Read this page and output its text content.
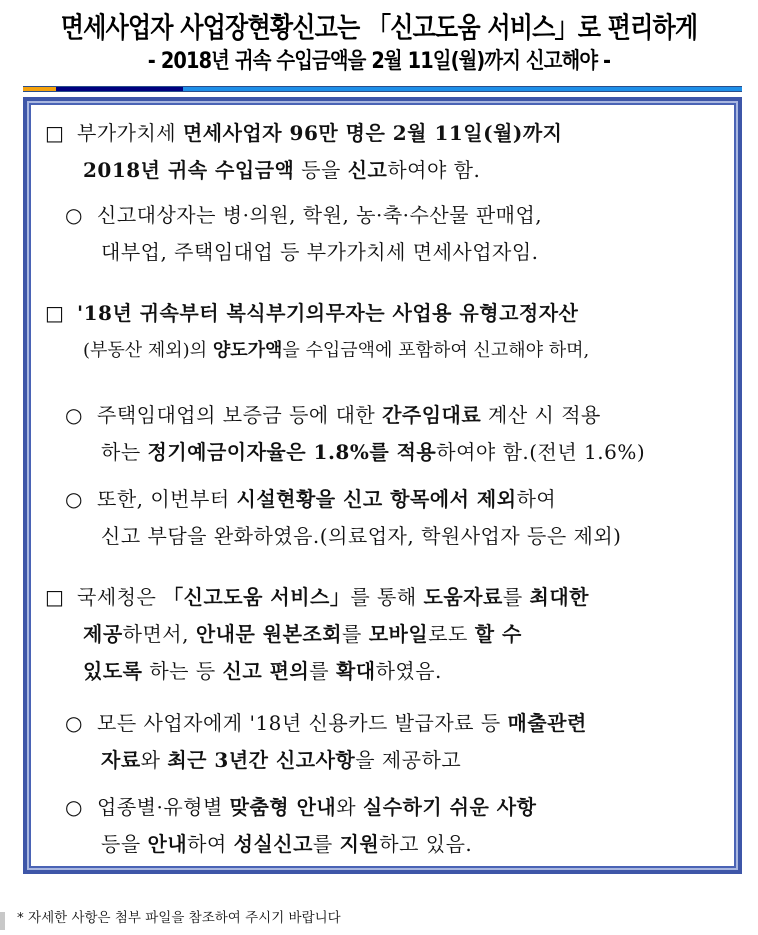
면세사업자 사업장현황신고는 「신고도움 서비스」로 편리하게
- 2018년 귀속 수입금액을 2월 11일(월)까지 신고해야 -
□ 부가가치세 면세사업자 96만 명은 2월 11일(월)까지
2018년 귀속 수입금액 등을 신고하여야 함.
○ 신고대상자는 병·의원, 학원, 농·축·수산물 판매업,
대부업, 주택임대업 등 부가가치세 면세사업자임.
□ '18년 귀속부터 복식부기의무자는 사업용 유형고정자산
(부동산 제외)의 양도가액을 수입금액에 포함하여 신고해야 하며,
○ 주택임대업의 보증금 등에 대한 간주임대료 계산 시 적용
하는 정기예금이자율은 1.8%를 적용하여야 함.(전년 1.6%)
○ 또한, 이번부터 시설현황을 신고 항목에서 제외하여
신고 부담을 완화하였음.(의료업자, 학원사업자 등은 제외)
□ 국세청은 「신고도움 서비스」를 통해 도움자료를 최대한
제공하면서, 안내문 원본조회를 모바일로도 할 수
있도록 하는 등 신고 편의를 확대하였음.
○ 모든 사업자에게 '18년 신용카드 발급자료 등 매출관련
자료와 최근 3년간 신고사항을 제공하고
○ 업종별·유형별 맞춤형 안내와 실수하기 쉬운 사항
등을 안내하여 성실신고를 지원하고 있음.
* 자세한 사항은 첨부 파일을 참조하여 주시기 바랍니다
